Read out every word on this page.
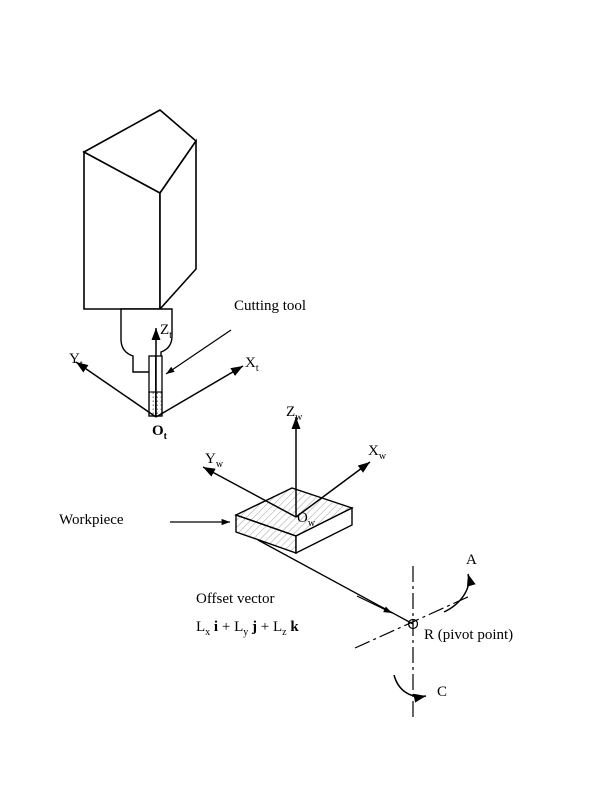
Cutting tool
$O_t$
$X_t$
$Y_t$
$Z_t$
$Z_w$
$X_w$
$Y_w$
$O_w$
Workpiece
Offset vector
$L_x$ $i + L_y$ $j + L_z$ k	R (pivot point)
A
C
